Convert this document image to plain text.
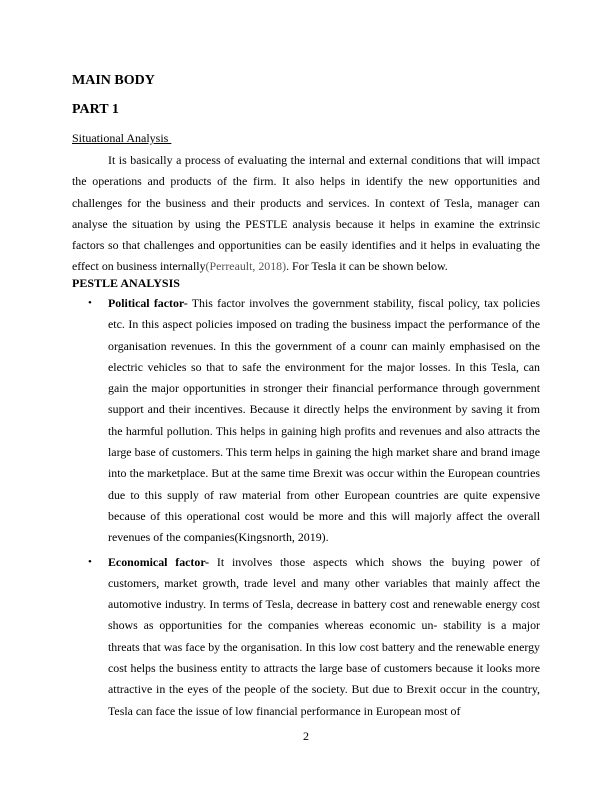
MAIN BODY
PART 1

Situational Analysis

It is basically a process of evaluating the internal and external conditions that will impact the operations and products of the firm. It also helps in identify the new opportunities and challenges for the business and their products and services. In context of Tesla, manager can analyse the situation by using the PESTLE analysis because it helps in examine the extrinsic factors so that challenges and opportunities can be easily identifies and it helps in evaluating the effect on business internally(Perreault, 2018). For Tesla it can be shown below.

PESTLE ANALYSIS

• Political factor- This factor involves the government stability, fiscal policy, tax policies etc. In this aspect policies imposed on trading the business impact the performance of the organisation revenues. In this the government of a counr can mainly emphasised on the electric vehicles so that to safe the environment for the major losses. In this Tesla, can gain the major opportunities in stronger their financial performance through government support and their incentives. Because it directly helps the environment by saving it from the harmful pollution. This helps in gaining high profits and revenues and also attracts the large base of customers. This term helps in gaining the high market share and brand image into the marketplace. But at the same time Brexit was occur within the European countries due to this supply of raw material from other European countries are quite expensive because of this operational cost would be more and this will majorly affect the overall revenues of the companies(Kingsnorth, 2019).
• Economical factor- It involves those aspects which shows the buying power of customers, market growth, trade level and many other variables that mainly affect the automotive industry. In terms of Tesla, decrease in battery cost and renewable energy cost shows as opportunities for the companies whereas economic un- stability is a major threats that was face by the organisation. In this low cost battery and the renewable energy cost helps the business entity to attracts the large base of customers because it looks more attractive in the eyes of the people of the society. But due to Brexit occur in the country, Tesla can face the issue of low financial performance in European most of
2
